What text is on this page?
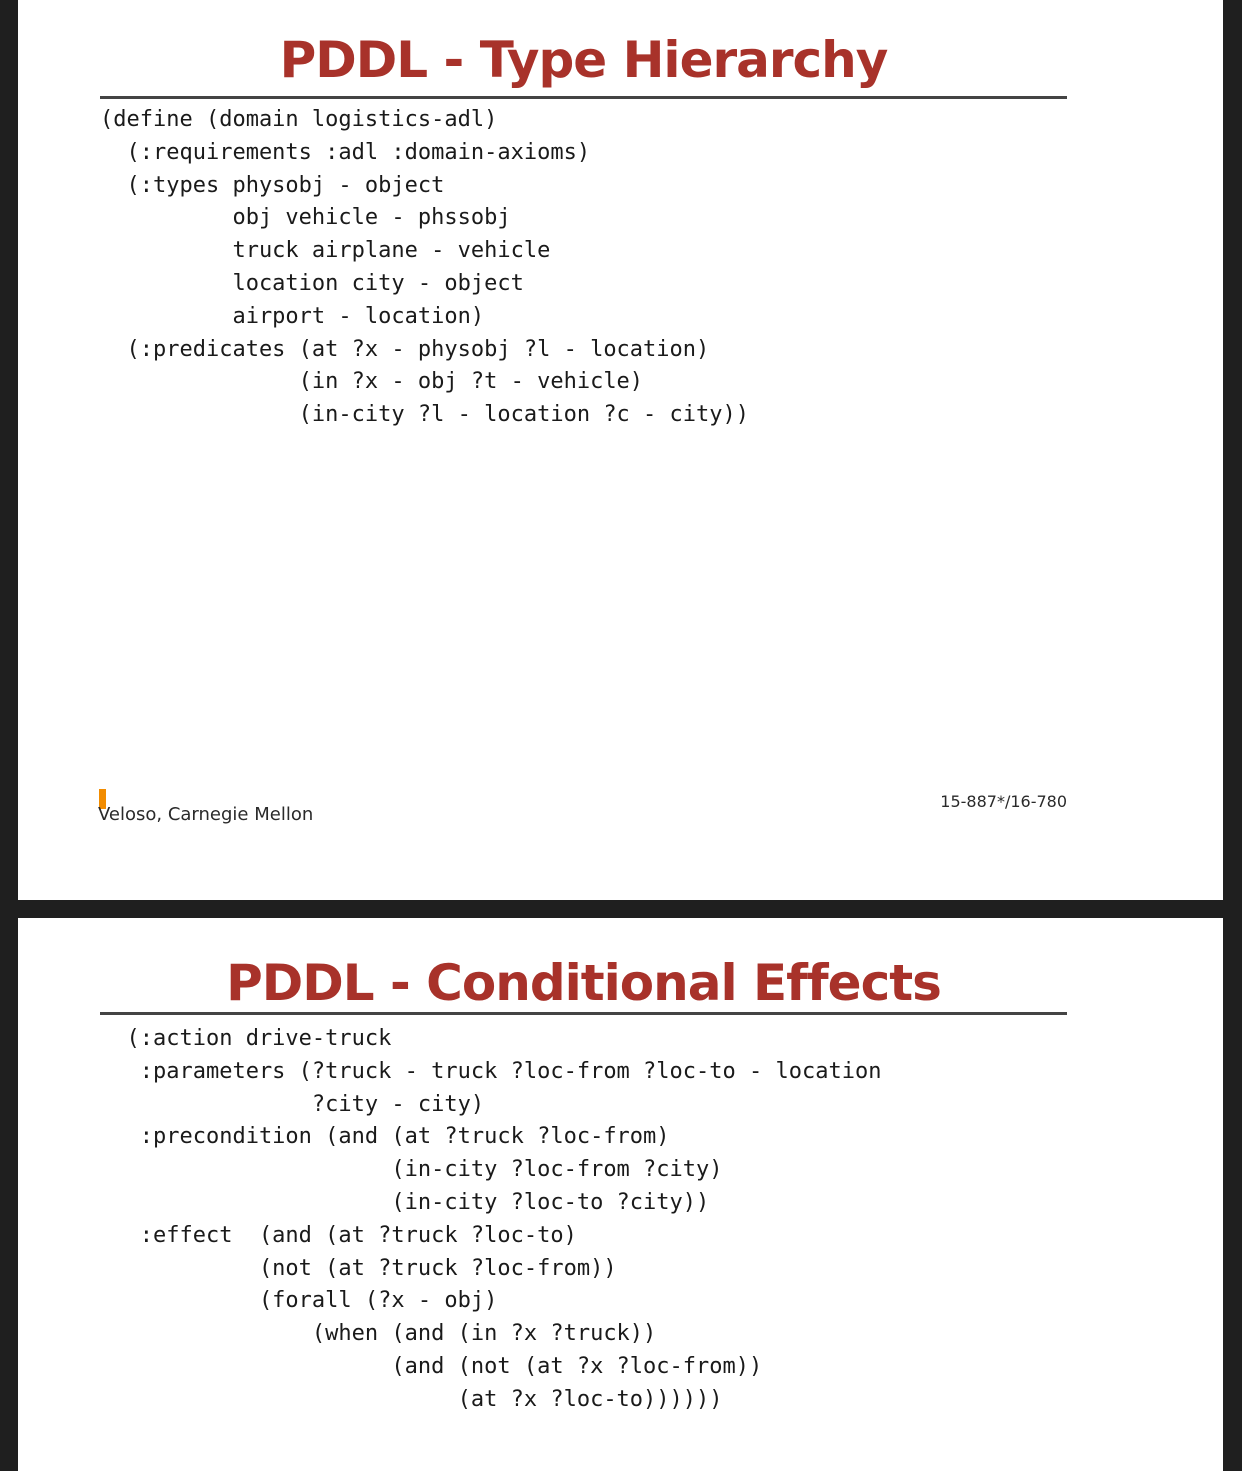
PDDL - Type Hierarchy
(define (domain logistics-adl)
(:requirements :adl :domain-axioms)
(:types physobj - object
obj vehicle - phssobj
truck airplane - vehicle
location city - object
airport - location)
(:predicates (at ?x - physobj ?l - location)
(in ?x - obj ?t - vehicle)
(in-city ?l - location ?c - city))
Veloso, Carnegie Mellon
15-887*/16-780
PDDL - Conditional Effects
(:action drive-truck
:parameters (?truck - truck ?loc-from ?loc-to - location
?city - city)
:precondition (and (at ?truck ?loc-from)
(in-city ?loc-from ?city)
(in-city ?loc-to ?city))
:effect  (and (at ?truck ?loc-to)
(not (at ?truck ?loc-from))
(forall (?x - obj)
(when (and (in ?x ?truck))
(and (not (at ?x ?loc-from))
(at ?x ?loc-to))))))
